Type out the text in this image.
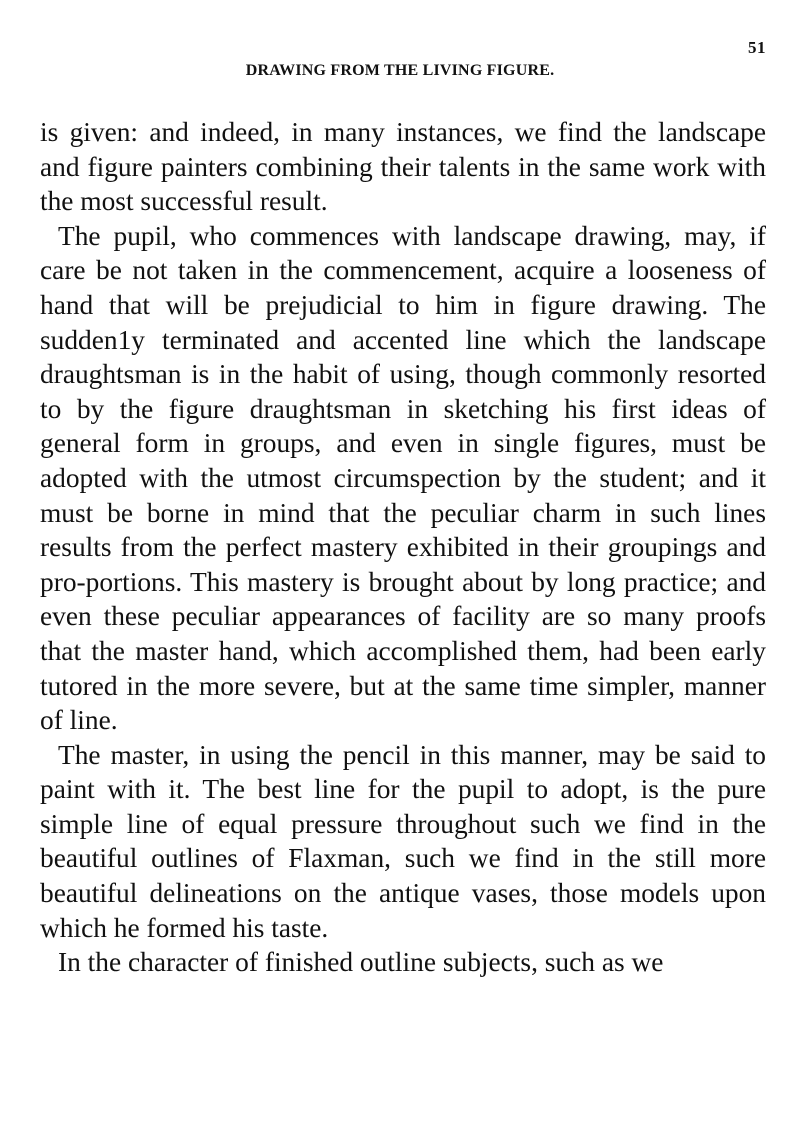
51
DRAWING FROM THE LIVING FIGURE.

is given: and indeed, in many instances, we find the landscape and figure painters combining their talents in the same work with the most successful result.

The pupil, who commences with landscape drawing, may, if care be not taken in the commencement, acquire a looseness of hand that will be prejudicial to him in figure drawing. The sudden1y terminated and accented line which the landscape draughtsman is in the habit of using, though commonly resorted to by the figure draughtsman in sketching his first ideas of general form in groups, and even in single figures, must be adopted with the utmost circumspection by the student; and it must be borne in mind that the peculiar charm in such lines results from the perfect mastery exhibited in their groupings and pro-portions. This mastery is brought about by long practice; and even these peculiar appearances of facility are so many proofs that the master hand, which accomplished them, had been early tutored in the more severe, but at the same time simpler, manner of line.

The master, in using the pencil in this manner, may be said to paint with it. The best line for the pupil to adopt, is the pure simple line of equal pressure throughout such we find in the beautiful outlines of Flaxman, such we find in the still more beautiful delineations on the antique vases, those models upon which he formed his taste.

In the character of finished outline subjects, such as we
